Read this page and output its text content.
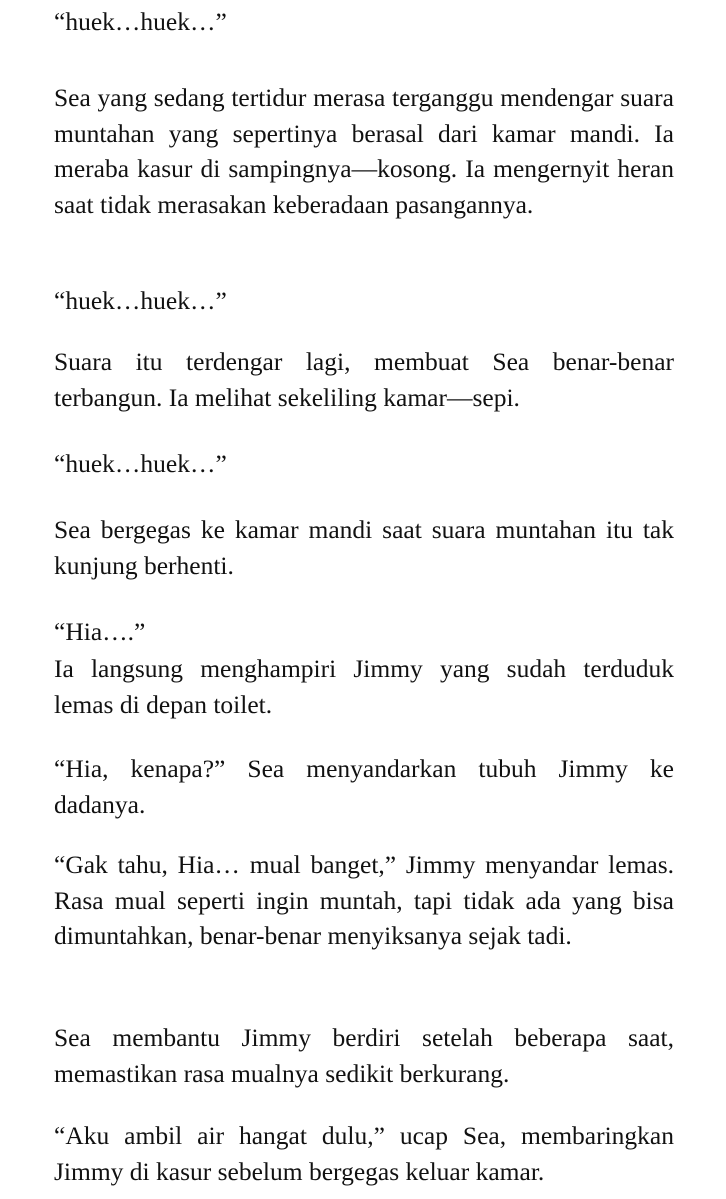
“huek…huek…”

Sea yang sedang tertidur merasa terganggu mendengar suara muntahan yang sepertinya berasal dari kamar mandi. Ia meraba kasur di sampingnya—kosong. Ia mengernyit heran saat tidak merasakan keberadaan pasangannya.

“huek…huek…”

Suara itu terdengar lagi, membuat Sea benar-benar terbangun. Ia melihat sekeliling kamar—sepi.

“huek…huek…”

Sea bergegas ke kamar mandi saat suara muntahan itu tak kunjung berhenti.

“Hia….”

Ia langsung menghampiri Jimmy yang sudah terduduk lemas di depan toilet.

“Hia, kenapa?” Sea menyandarkan tubuh Jimmy ke dadanya.

“Gak tahu, Hia… mual banget,” Jimmy menyandar lemas. Rasa mual seperti ingin muntah, tapi tidak ada yang bisa dimuntahkan, benar-benar menyiksanya sejak tadi.

Sea membantu Jimmy berdiri setelah beberapa saat, memastikan rasa mualnya sedikit berkurang.

“Aku ambil air hangat dulu,” ucap Sea, membaringkan Jimmy di kasur sebelum bergegas keluar kamar.
